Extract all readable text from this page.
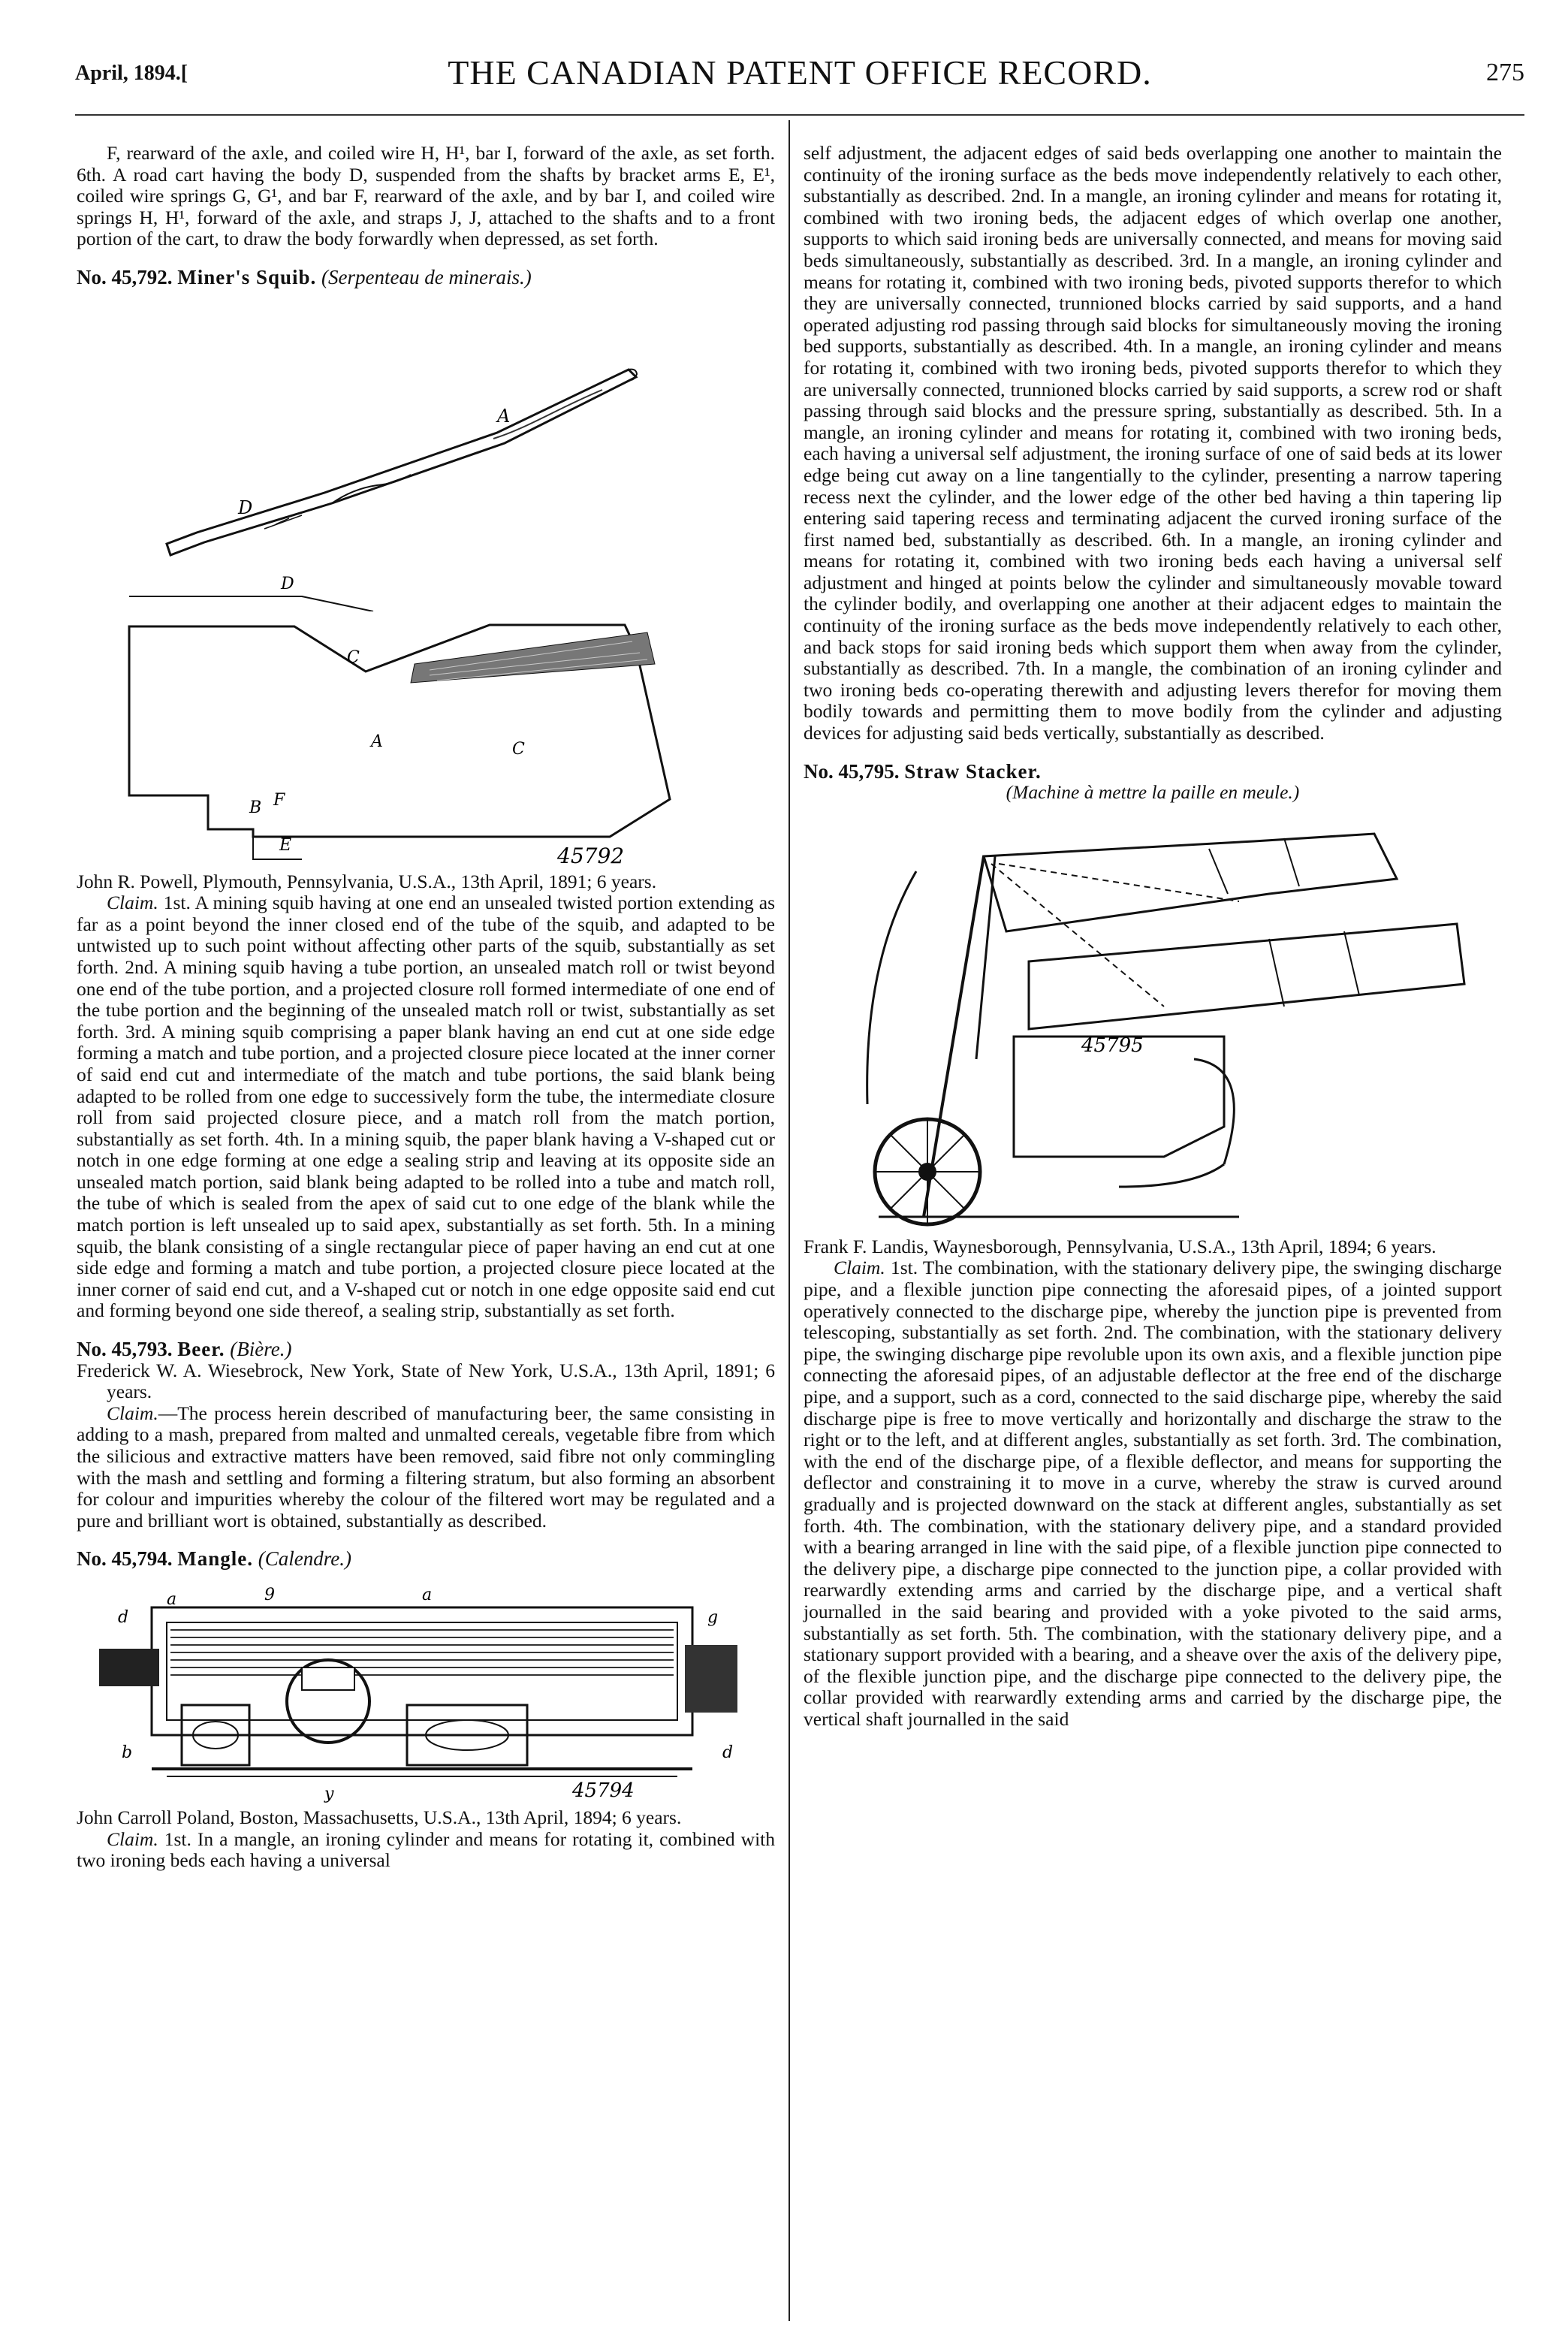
April, 1894.[	THE CANADIAN PATENT OFFICE RECORD.	275

F, rearward of the axle, and coiled wire H, H¹, bar I, forward of the axle, as set forth. 6th. A road cart having the body D, suspended from the shafts by bracket arms E, E¹, coiled wire springs G, G¹, and bar F, rearward of the axle, and by bar I, and coiled wire springs H, H¹, forward of the axle, and straps J, J, attached to the shafts and to a front portion of the cart, to draw the body forwardly when depressed, as set forth.

No. 45,792. Miner's Squib. (Serpenteau de minerais.)

D
A
D
C
A	C
B F
E	45792

John R. Powell, Plymouth, Pennsylvania, U.S.A., 13th April, 1891; 6 years.

Claim. 1st. A mining squib having at one end an unsealed twisted portion extending as far as a point beyond the inner closed end of the tube of the squib, and adapted to be untwisted up to such point without affecting other parts of the squib, substantially as set forth. 2nd. A mining squib having a tube portion, an unsealed match roll or twist beyond one end of the tube portion, and a projected closure roll formed intermediate of one end of the tube portion and the beginning of the unsealed match roll or twist, substantially as set forth. 3rd. A mining squib comprising a paper blank having an end cut at one side edge forming a match and tube portion, and a projected closure piece located at the inner corner of said end cut and intermediate of the match and tube portions, the said blank being adapted to be rolled from one edge to successively form the tube, the intermediate closure roll from said projected closure piece, and a match roll from the match portion, substantially as set forth. 4th. In a mining squib, the paper blank having a V-shaped cut or notch in one edge forming at one edge a sealing strip and leaving at its opposite side an unsealed match portion, said blank being adapted to be rolled into a tube and match roll, the tube of which is sealed from the apex of said cut to one edge of the blank while the match portion is left unsealed up to said apex, substantially as set forth. 5th. In a mining squib, the blank consisting of a single rectangular piece of paper having an end cut at one side edge and forming a match and tube portion, a projected closure piece located at the inner corner of said end cut, and a V-shaped cut or notch in one edge opposite said end cut and forming beyond one side thereof, a sealing strip, substantially as set forth.

No. 45,793. Beer. (Bière.)

Frederick W. A. Wiesebrock, New York, State of New York, U.S.A., 13th April, 1891; 6 years.

Claim.—The process herein described of manufacturing beer, the same consisting in adding to a mash, prepared from malted and unmalted cereals, vegetable fibre from which the silicious and extractive matters have been removed, said fibre not only commingling with the mash and settling and forming a filtering stratum, but also forming an absorbent for colour and impurities whereby the colour of the filtered wort may be regulated and a pure and brilliant wort is obtained, substantially as described.

No. 45,794. Mangle. (Calendre.)

d
a	9	a
g
b	d
y	45794

John Carroll Poland, Boston, Massachusetts, U.S.A., 13th April, 1894; 6 years.

Claim. 1st. In a mangle, an ironing cylinder and means for rotating it, combined with two ironing beds each having a universal

self adjustment, the adjacent edges of said beds overlapping one another to maintain the continuity of the ironing surface as the beds move independently relatively to each other, substantially as described. 2nd. In a mangle, an ironing cylinder and means for rotating it, combined with two ironing beds, the adjacent edges of which overlap one another, supports to which said ironing beds are universally connected, and means for moving said beds simultaneously, substantially as described. 3rd. In a mangle, an ironing cylinder and means for rotating it, combined with two ironing beds, pivoted supports therefor to which they are universally connected, trunnioned blocks carried by said supports, and a hand operated adjusting rod passing through said blocks for simultaneously moving the ironing bed supports, substantially as described. 4th. In a mangle, an ironing cylinder and means for rotating it, combined with two ironing beds, pivoted supports therefor to which they are universally connected, trunnioned blocks carried by said supports, a screw rod or shaft passing through said blocks and the pressure spring, substantially as described. 5th. In a mangle, an ironing cylinder and means for rotating it, combined with two ironing beds, each having a universal self adjustment, the ironing surface of one of said beds at its lower edge being cut away on a line tangentially to the cylinder, presenting a narrow tapering recess next the cylinder, and the lower edge of the other bed having a thin tapering lip entering said tapering recess and terminating adjacent the curved ironing surface of the first named bed, substantially as described. 6th. In a mangle, an ironing cylinder and means for rotating it, combined with two ironing beds each having a universal self adjustment and hinged at points below the cylinder and simultaneously movable toward the cylinder bodily, and overlapping one another at their adjacent edges to maintain the continuity of the ironing surface as the beds move independently relatively to each other, and back stops for said ironing beds which support them when away from the cylinder, substantially as described. 7th. In a mangle, the combination of an ironing cylinder and two ironing beds co-operating therewith and adjusting levers therefor for moving them bodily towards and permitting them to move bodily from the cylinder and adjusting devices for adjusting said beds vertically, substantially as described.

No. 45,795. Straw Stacker.

(Machine à mettre la paille en meule.)

45795

Frank F. Landis, Waynesborough, Pennsylvania, U.S.A., 13th April, 1894; 6 years.

Claim. 1st. The combination, with the stationary delivery pipe, the swinging discharge pipe, and a flexible junction pipe connecting the aforesaid pipes, of a jointed support operatively connected to the discharge pipe, whereby the junction pipe is prevented from telescoping, substantially as set forth. 2nd. The combination, with the stationary delivery pipe, the swinging discharge pipe revoluble upon its own axis, and a flexible junction pipe connecting the aforesaid pipes, of an adjustable deflector at the free end of the discharge pipe, and a support, such as a cord, connected to the said discharge pipe, whereby the said discharge pipe is free to move vertically and horizontally and discharge the straw to the right or to the left, and at different angles, substantially as set forth. 3rd. The combination, with the end of the discharge pipe, of a flexible deflector, and means for supporting the deflector and constraining it to move in a curve, whereby the straw is curved around gradually and is projected downward on the stack at different angles, substantially as set forth. 4th. The combination, with the stationary delivery pipe, and a standard provided with a bearing arranged in line with the said pipe, of a flexible junction pipe connected to the delivery pipe, a discharge pipe connected to the junction pipe, a collar provided with rearwardly extending arms and carried by the discharge pipe, and a vertical shaft journalled in the said bearing and provided with a yoke pivoted to the said arms, substantially as set forth. 5th. The combination, with the stationary delivery pipe, and a stationary support provided with a bearing, and a sheave over the axis of the delivery pipe, of the flexible junction pipe, and the discharge pipe connected to the delivery pipe, the collar provided with rearwardly extending arms and carried by the discharge pipe, the vertical shaft journalled in the said
